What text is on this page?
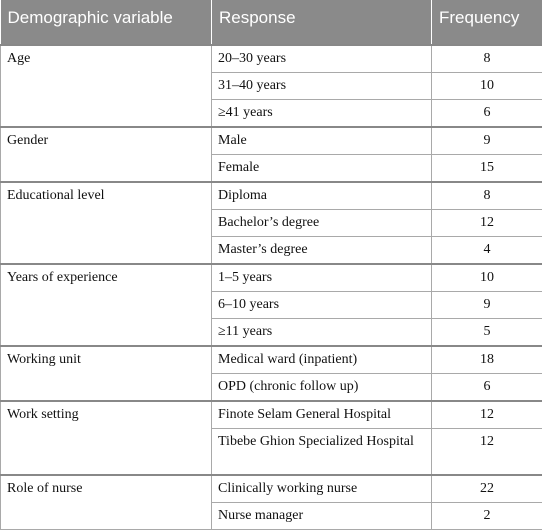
Demographic variable	Response	Frequency
Age	20–30 years	8
	31–40 years	10
	≥41 years	6
Gender	Male	9
	Female	15
Educational level	Diploma	8
	Bachelor’s degree	12
	Master’s degree	4
Years of experience	1–5 years	10
	6–10 years	9
	≥11 years	5
Working unit	Medical ward (inpatient)	18
	OPD (chronic follow up)	6
Work setting	Finote Selam General Hospital	12
	Tibebe Ghion Specialized Hospital	12
Role of nurse	Clinically working nurse	22
	Nurse manager	2
